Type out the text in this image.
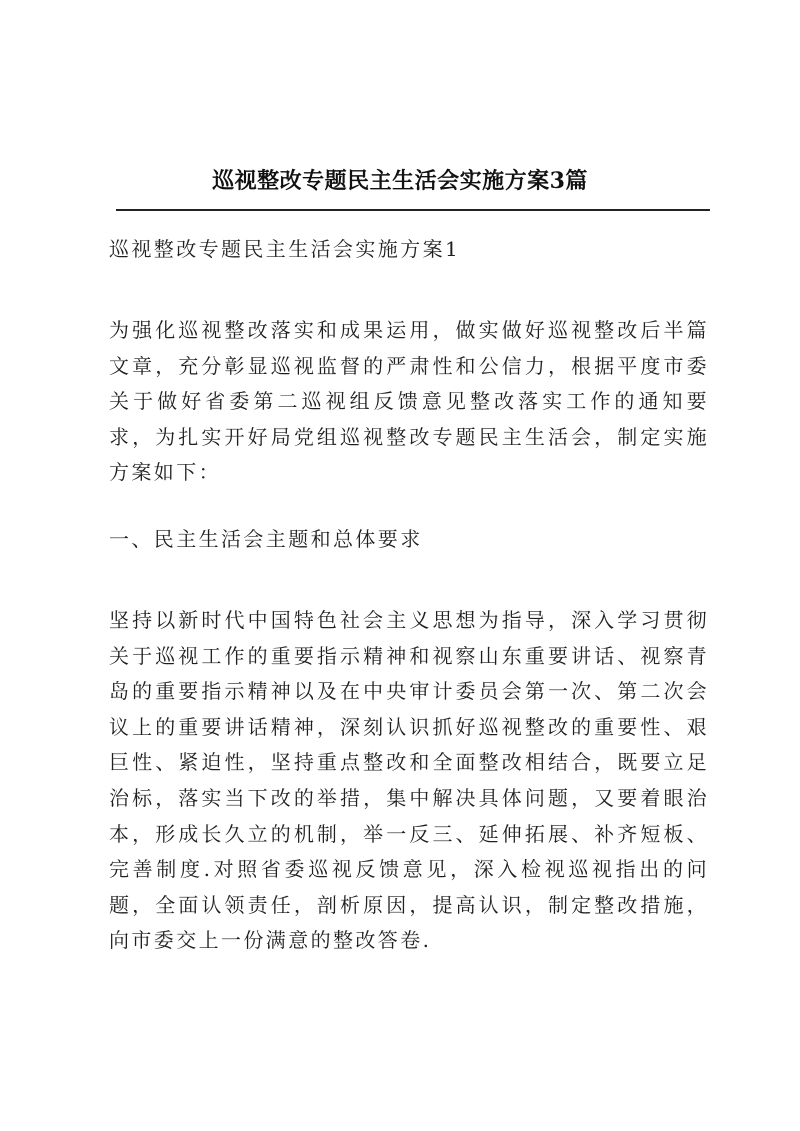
巡视整改专题民主生活会实施方案3篇
巡视整改专题民主生活会实施方案1
为强化巡视整改落实和成果运用，做实做好巡视整改后半篇文章，充分彰显巡视监督的严肃性和公信力，根据平度市委关于做好省委第二巡视组反馈意见整改落实工作的通知要求，为扎实开好局党组巡视整改专题民主生活会，制定实施方案如下：
一、民主生活会主题和总体要求
坚持以新时代中国特色社会主义思想为指导，深入学习贯彻关于巡视工作的重要指示精神和视察山东重要讲话、视察青岛的重要指示精神以及在中央审计委员会第一次、第二次会议上的重要讲话精神，深刻认识抓好巡视整改的重要性、艰巨性、紧迫性，坚持重点整改和全面整改相结合，既要立足治标，落实当下改的举措，集中解决具体问题，又要着眼治本，形成长久立的机制，举一反三、延伸拓展、补齐短板、完善制度.对照省委巡视反馈意见，深入检视巡视指出的问题，全面认领责任，剖析原因，提高认识，制定整改措施，向市委交上一份满意的整改答卷.
